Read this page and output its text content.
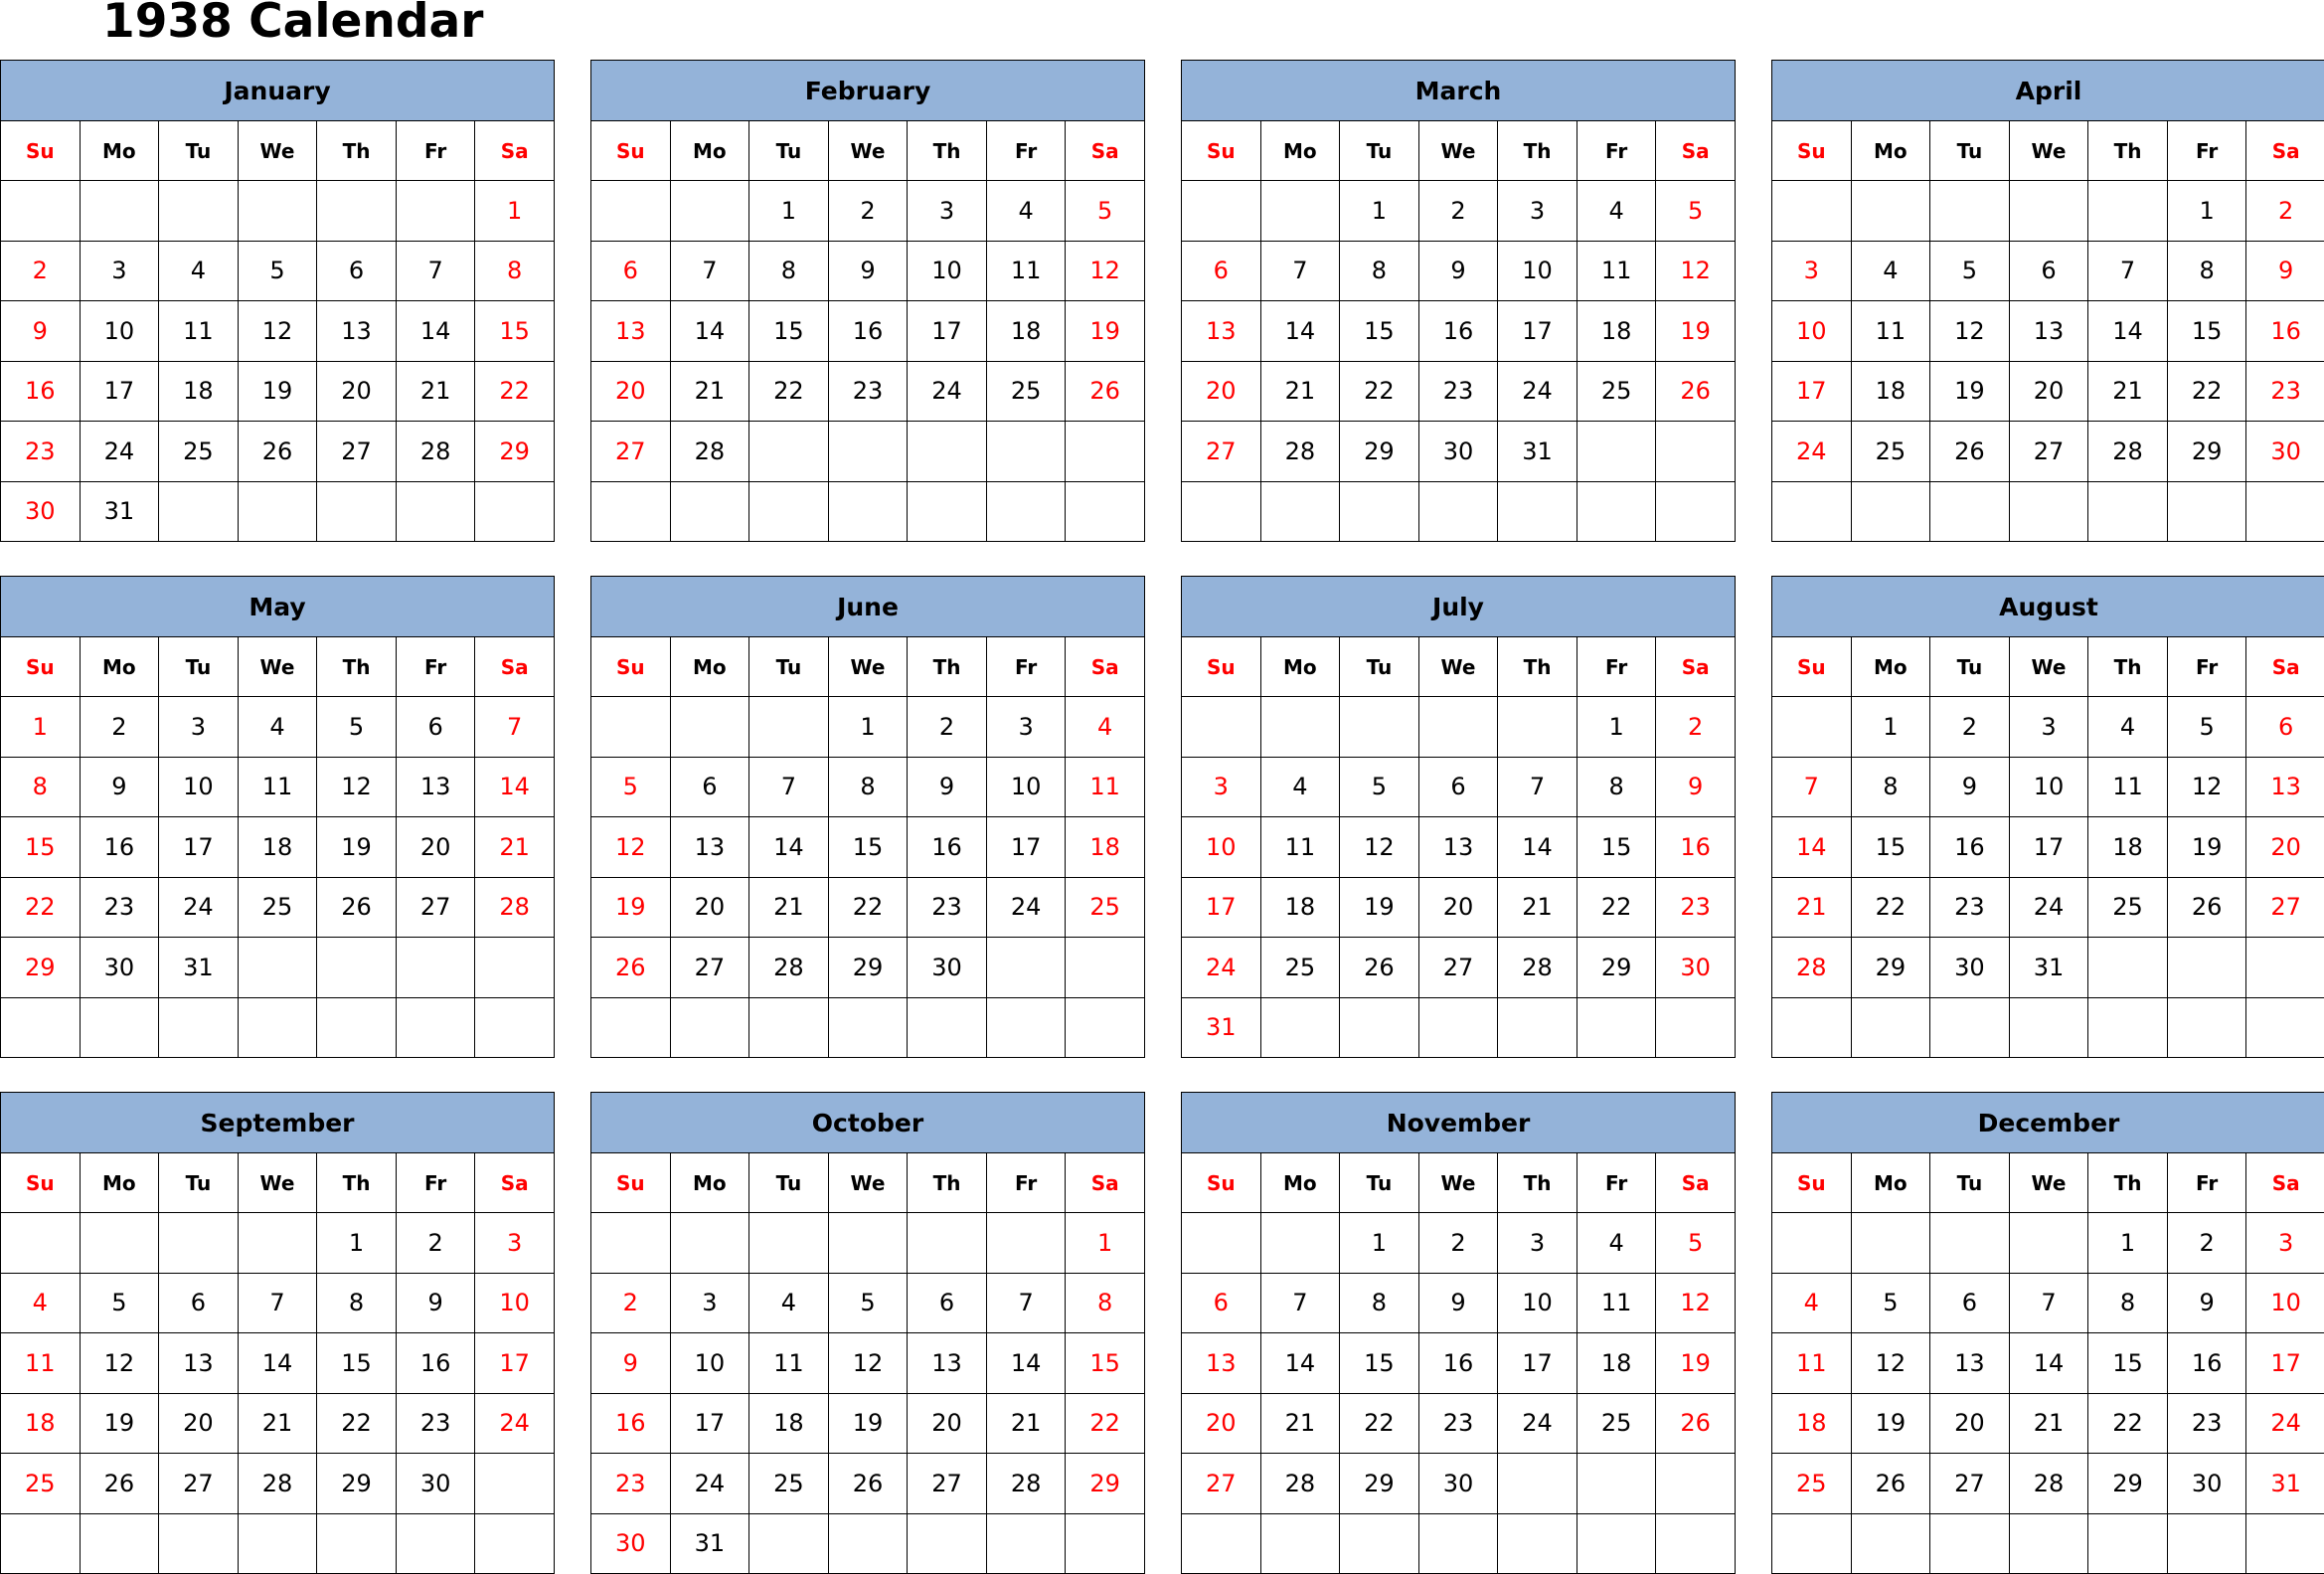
1938 Calendar
January						
Su	Mo	Tu	We	Th	Fr	Sa
						1
2	3	4	5	6	7	8
9	10	11	12	13	14	15
16	17	18	19	20	21	22
23	24	25	26	27	28	29
30	31					
February						
Su	Mo	Tu	We	Th	Fr	Sa
		1	2	3	4	5
6	7	8	9	10	11	12
13	14	15	16	17	18	19
20	21	22	23	24	25	26
27	28					

March						
Su	Mo	Tu	We	Th	Fr	Sa
		1	2	3	4	5
6	7	8	9	10	11	12
13	14	15	16	17	18	19
20	21	22	23	24	25	26
27	28	29	30	31		

April						
Su	Mo	Tu	We	Th	Fr	Sa
					1	2
3	4	5	6	7	8	9
10	11	12	13	14	15	16
17	18	19	20	21	22	23
24	25	26	27	28	29	30

May						
Su	Mo	Tu	We	Th	Fr	Sa
1	2	3	4	5	6	7
8	9	10	11	12	13	14
15	16	17	18	19	20	21
22	23	24	25	26	27	28
29	30	31				

June						
Su	Mo	Tu	We	Th	Fr	Sa
			1	2	3	4
5	6	7	8	9	10	11
12	13	14	15	16	17	18
19	20	21	22	23	24	25
26	27	28	29	30		

July						
Su	Mo	Tu	We	Th	Fr	Sa
					1	2
3	4	5	6	7	8	9
10	11	12	13	14	15	16
17	18	19	20	21	22	23
24	25	26	27	28	29	30
31						
August						
Su	Mo	Tu	We	Th	Fr	Sa
	1	2	3	4	5	6
7	8	9	10	11	12	13
14	15	16	17	18	19	20
21	22	23	24	25	26	27
28	29	30	31			

September						
Su	Mo	Tu	We	Th	Fr	Sa
				1	2	3
4	5	6	7	8	9	10
11	12	13	14	15	16	17
18	19	20	21	22	23	24
25	26	27	28	29	30	

October						
Su	Mo	Tu	We	Th	Fr	Sa
						1
2	3	4	5	6	7	8
9	10	11	12	13	14	15
16	17	18	19	20	21	22
23	24	25	26	27	28	29
30	31					
November						
Su	Mo	Tu	We	Th	Fr	Sa
		1	2	3	4	5
6	7	8	9	10	11	12
13	14	15	16	17	18	19
20	21	22	23	24	25	26
27	28	29	30			

December						
Su	Mo	Tu	We	Th	Fr	Sa
				1	2	3
4	5	6	7	8	9	10
11	12	13	14	15	16	17
18	19	20	21	22	23	24
25	26	27	28	29	30	31
